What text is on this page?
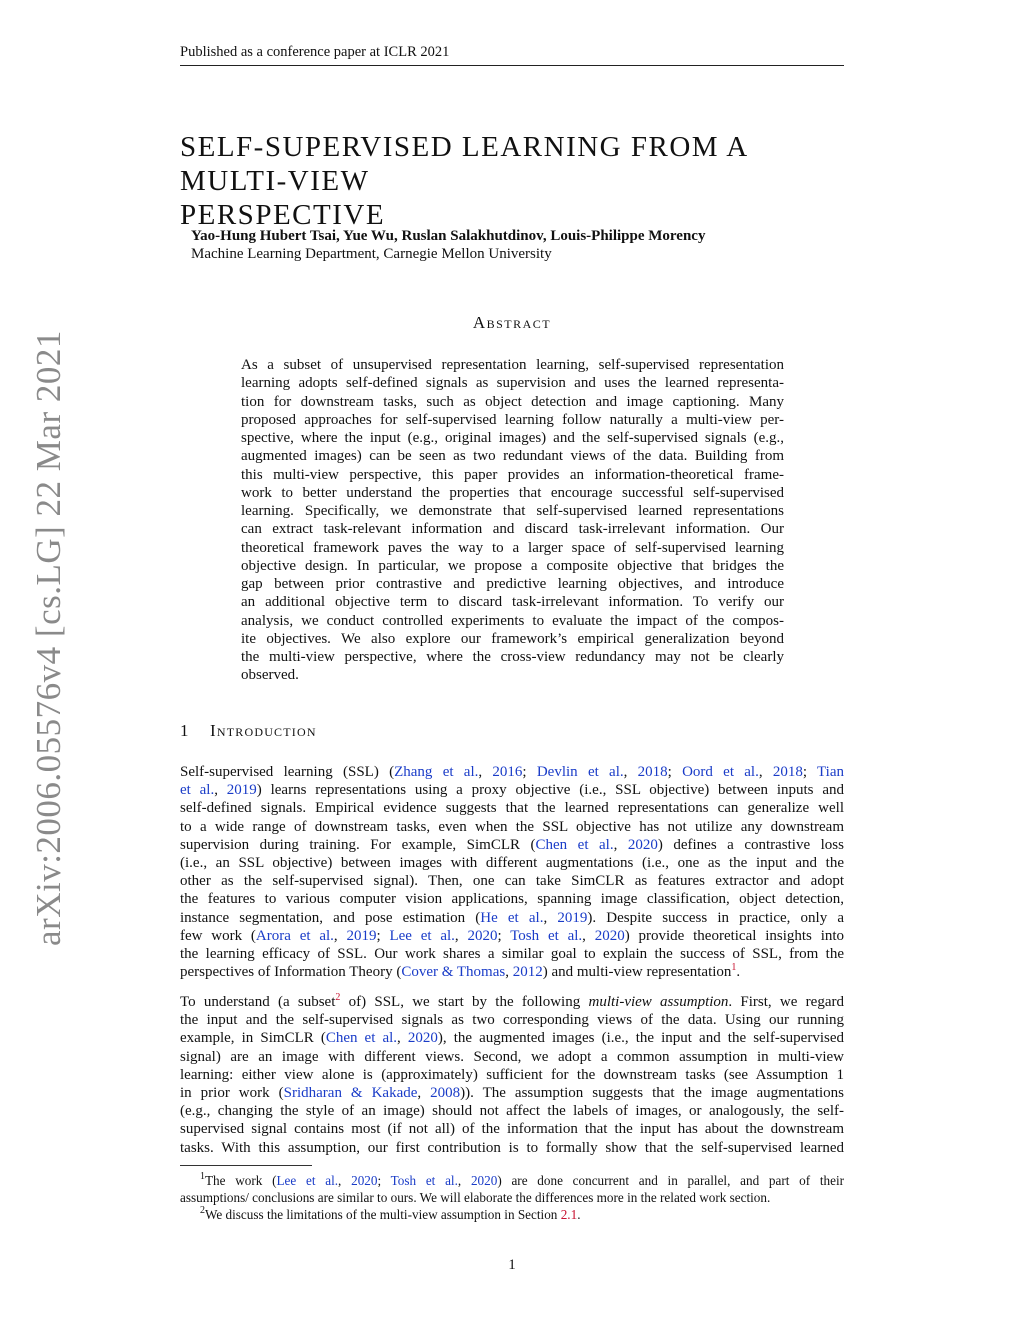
Published as a conference paper at ICLR 2021
arXiv:2006.05576v4 [cs.LG] 22 Mar 2021
SELF-SUPERVISED LEARNING FROM A MULTI-VIEW
PERSPECTIVE
Yao-Hung Hubert Tsai, Yue Wu, Ruslan Salakhutdinov, Louis-Philippe Morency
Machine Learning Department, Carnegie Mellon University
Abstract
As a subset of unsupervised representation learning, self-supervised representation
learning adopts self-defined signals as supervision and uses the learned representa-
tion for downstream tasks, such as object detection and image captioning. Many
proposed approaches for self-supervised learning follow naturally a multi-view per-
spective, where the input (e.g., original images) and the self-supervised signals (e.g.,
augmented images) can be seen as two redundant views of the data. Building from
this multi-view perspective, this paper provides an information-theoretical frame-
work to better understand the properties that encourage successful self-supervised
learning. Specifically, we demonstrate that self-supervised learned representations
can extract task-relevant information and discard task-irrelevant information. Our
theoretical framework paves the way to a larger space of self-supervised learning
objective design. In particular, we propose a composite objective that bridges the
gap between prior contrastive and predictive learning objectives, and introduce
an additional objective term to discard task-irrelevant information. To verify our
analysis, we conduct controlled experiments to evaluate the impact of the compos-
ite objectives. We also explore our framework’s empirical generalization beyond
the multi-view perspective, where the cross-view redundancy may not be clearly
observed.
1 Introduction
Self-supervised learning (SSL) (Zhang et al., 2016; Devlin et al., 2018; Oord et al., 2018; Tian
et al., 2019) learns representations using a proxy objective (i.e., SSL objective) between inputs and
self-defined signals. Empirical evidence suggests that the learned representations can generalize well
to a wide range of downstream tasks, even when the SSL objective has not utilize any downstream
supervision during training. For example, SimCLR (Chen et al., 2020) defines a contrastive loss
(i.e., an SSL objective) between images with different augmentations (i.e., one as the input and the
other as the self-supervised signal). Then, one can take SimCLR as features extractor and adopt
the features to various computer vision applications, spanning image classification, object detection,
instance segmentation, and pose estimation (He et al., 2019). Despite success in practice, only a
few work (Arora et al., 2019; Lee et al., 2020; Tosh et al., 2020) provide theoretical insights into
the learning efficacy of SSL. Our work shares a similar goal to explain the success of SSL, from the
perspectives of Information Theory (Cover & Thomas, 2012) and multi-view representation$^1$.
To understand (a subset$^2$ of) SSL, we start by the following multi-view assumption. First, we regard
the input and the self-supervised signals as two corresponding views of the data. Using our running
example, in SimCLR (Chen et al., 2020), the augmented images (i.e., the input and the self-supervised
signal) are an image with different views. Second, we adopt a common assumption in multi-view
learning: either view alone is (approximately) sufficient for the downstream tasks (see Assumption 1
in prior work (Sridharan & Kakade, 2008)). The assumption suggests that the image augmentations
(e.g., changing the style of an image) should not affect the labels of images, or analogously, the self-
supervised signal contains most (if not all) of the information that the input has about the downstream
tasks. With this assumption, our first contribution is to formally show that the self-supervised learned
$^1$The work (Lee et al., 2020; Tosh et al., 2020) are done concurrent and in parallel, and part of their
assumptions/ conclusions are similar to ours. We will elaborate the differences more in the related work section.
$^2$We discuss the limitations of the multi-view assumption in Section 2.1.
1
